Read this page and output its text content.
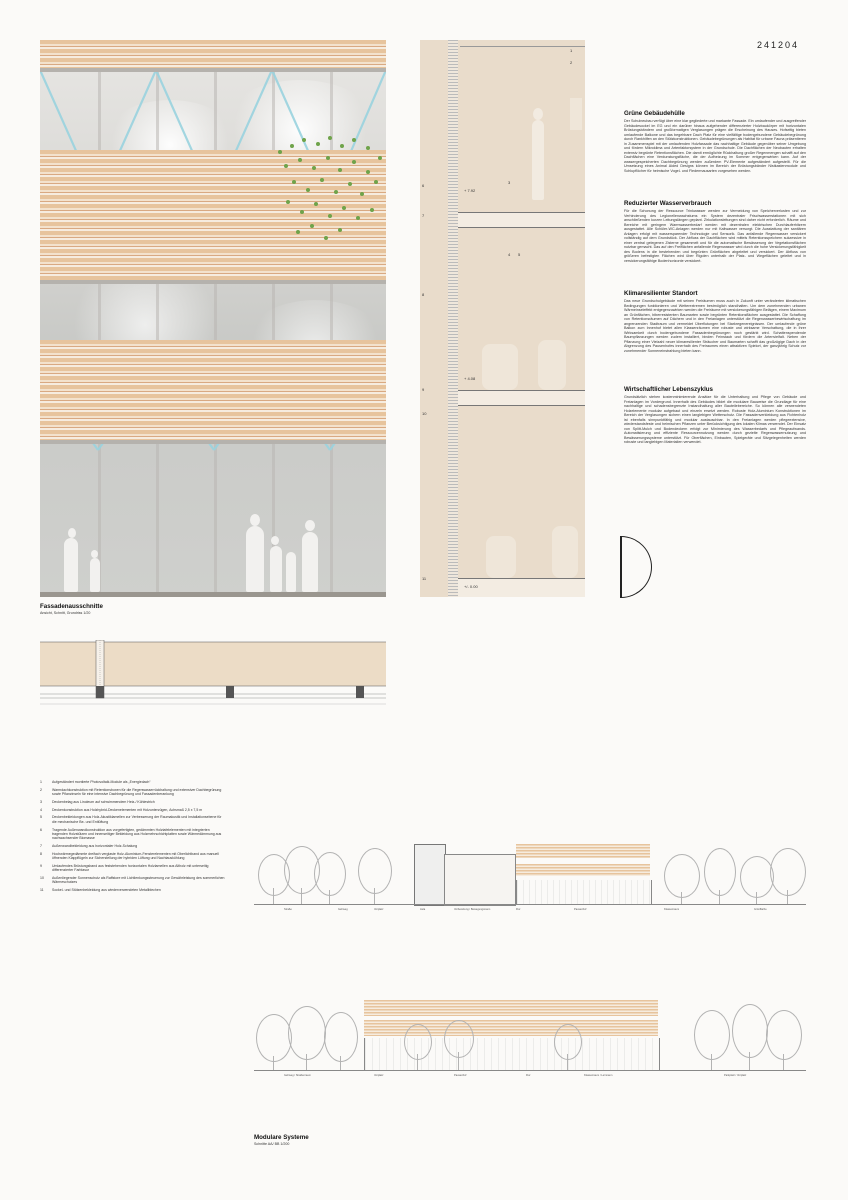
+ 7.92
+ 4.08
+/- 0.00
6
7
8
9
10
11
3
4 5
1
2
241204
Grüne Gebäudehülle
Der Schulneubau verfügt über eine klar gegliederte und markante Fassade. Ein umlaufender und ausgreifender Gebäudesockel im EG und ein darüber hinaus aufgehender differenzierter Holzbaukörper mit horizontalen Brüstungsbändern und großformatigen Verglasungen prägen die Erscheinung des Hauses. Hofseitig bieten umlaufende Balkone und das begehbare Dach Platz für eine vielfältige bodengebundene Gebäudebegrünung durch Rankhilfen an den Stützkonstruktionen. Gebäudebegrünungen als Habitat für urbane Fauna präsentieren in Zusammenspiel mit der umlaufenden Holzfassade das nachhaltige Gebäude gegenüber seiner Umgebung und fördern Mikroklima und Artenfaktorsystem in der Grundschule. Die Dachflächen der Neubauten erhalten extensiv begrünte Retentionsflächen. Die damit ermöglichte Rückhaltung großer Regenmengen schafft auf den Dachflächen eine Verdunstungsfläche, die der Aufheizung im Sommer entgegenwirken kann. Auf der wassergespeicherten Dachbegrünung werden außerdem PV-Elemente aufgeständert aufgestellt. Für die Umsetzung eines Animal Aided Designs können im Bereich der Brüstungsbänder Nistkastenmodule und Schlupflöcher für heimische Vogel- und Fledermausarten vorgesehen werden.
Reduzierter Wasserverbrauch
Für die Schonung der Ressource Trinkwasser werden zur Vermeidung von Speicherverlusten und zur Verhinderung des Legionellenwachstums ein System dezentraler Frischwasserstationen mit sich anschließenden kurzen Leitungslängen geplant. Zirkulationsleitungen sind daher nicht erforderlich. Räume und Bereiche mit geringem Warmwasserbedarf werden mit dezentralen elektrischen Durchlauferhitzern ausgestattet. Alle Schüler-WC-Anlagen werden nur mit Kaltwasser versorgt. Die Ausstattung der sanitären Anlagen erfolgt mit wassersparender Technologie und Sensorik. Das anfallende Regenwasser versickert vollständig auf dem Grundstück. Der Abfluss der Dachflächen wird mittels Retentionsspeichern sukzessive in einer zentral gelegenen Zisterne gesammelt und für die automatische Bewässerung der Vegetationsflächen nutzbar gemacht. Das auf den Freiflächen anfallende Regenwasser wird durch die hohe Versickerungsfähigkeit des Bodens in die bestehenden und begrünten Grünflächen abgeleitet und versickert. Der Abfluss von größeren befestigten Flächen wird über Rigolen unterhalb der Platz- und Wegeflächen geleitet und in versickerungsfähige Bodenhorizonte versickert.
Klimaresilienter Standort
Das neue Grundschulgebäude mit seinen Freiräumen muss auch in Zukunft unter veränderten klimatischen Bedingungen funktionieren und Wetterextremen bestmöglich standhalten. Um dem zunehmenden urbanen Wärmeinseleffekt entgegenzuwirken werden die Freiräume mit versickerungsfähigen Belägen, einem Maximum an Grünflächen, biberresistenten Baumarten sowie begrünten Retentionsflächen ausgestattet. Die Schaffung von Retentionsräumen auf Dächern und in den Freianlagen unterstützt die Regenwasserbewirtschaftung im angrenzenden Stadtraum und vermeidet Überflutungen bei Starkregenereignissen. Der umlaufende grüne Balkon zum Innenhof bietet allen Klassenräumen eine robuste und wirksame Verschattung, die in ihrer Wirksamkeit durch bodengebundene Fassadenbegrünungen noch gestärkt wird. Schattenspendende Baumpflanzungen werden zudem installiert, binden Feinstaub und fördern die Artenvielfalt. Neben der Pflanzung einer Vielzahl neuer klimaresilienter Sträucher und Baumarten schafft das großzügige Dach in der Abgrenzung des Pausenhofes innerhalb des Freiraumes einen attraktiven Spielort, der ganzjährig Schutz vor zunehmender Sonneneinstrahlung bieten kann.
Wirtschaftlicher Lebenszyklus
Grundsätzlich stehen kostenminimierende Ansätze für die Unterhaltung und Pflege von Gebäude und Freianlagen im Vordergrund. Innerhalb des Gebäudes bildet die modulare Bauweise die Grundlage für eine nachhaltige und schadensbegrenzte Instandhaltung aller Bauteilebereiche. So können alle verwendeten Holzelemente modular aufgebaut und einzeln ersetzt werden. Robuste Holz-Aluminium Konstruktionen im Bereich der Verglasungen sichern einen langlebigen Wetterschutz. Die Fassadenverkleidung aus Fichtenholz ist ebenfalls sinnpunktfähig und modular austauschbar. In den Freianlagen werden pflegeextensive, wiederstandsfeste und heimischen Pflanzen unter Berücksichtigung des lokalen Klimas verwendet. Der Einsatz von Splitt-Mulch und Bodendeckern erfolgt zur Minimierung des Wasserbedarfs und Pflegeaufwands. Automatisierung und effiziente Ressourcennutzung werden durch gezielte Regenwassernutzung und Bewässerungssysteme unterstützt. Für Oberflächen, Einbauten, Spielgeräte und Sitzgelegenheiten werden robuste und langlebigen Materialien verwendet.
Fassadenausschnitte
Ansicht, Schnitt, Grundriss 1/20
1	Aufgeständert montierte Photovoltaik-Module als „Energiedach“
2	Warmdachkonstruktion mit Retentionsboxen für die Regenwasserrückhaltung und extensiver Dachbegrünung sowie Pflanzinseln für eine intensive Dachbegrünung und Fassadenberankung
3	Deckenbelag aus Linoleum auf schwimmendem Heiz-/ Kühlestrich
4	Deckenkonstruktion aus Holzhybrid-Deckenelementen mit Holzunterzügen, Achsmaß 2,5 x 7,5 m
5	Deckenbekleidungen aus Holz-Akustiklamellen zur Verbesserung der Raumakustik und Installationsebene für die mechanische Be- und Entlüftung
6	Tragende Außenwandkonstruktion aus vorgefertigten, gedämmten Holztafelelementen mit integrierten tragenden Holzstützen und innenseitiger Bekleidung aus Holzmehrschichtplatten sowie Wärmedämmung aus nachwachsender Biomasse
7	Außenwandbekleidung aus horizontaler Holz-Schalung
8	Hochwärmegedämmte dreifach verglaste Holz-Aluminium-Fensterelementen mit Oberlichtband aus manuell öffnenden Klappflügeln zur Sicherstellung der hybriden Lüftung und Nachtauskühlung
9	Umlaufendes Brüstungsband aus feststehenden horizontalen Holzlamellen aus Altholz mit unterseitig differenzierter Farblasur
10	Außenliegender Sonnenschutz als Raffstore mit Lichtlenkungssteuerung zur Gewährleistung des sommerlichen Wärmeschutzes
11	Sockel- und Stützenbekleidung aus wiederverwendeten Metallblechen
Straße	Gehweg	Vorplatz	Aula	Vorbereitung / Bewegungsraum	Flur	Pausenhof	Klassenraum	Grünfläche
Gehweg / Straßenraum	Vorplatz	Pausenhof	Flur	Klassenraum / Lernraum	Parkplatz / Vorplatz
Modulare Systeme
Schnitte AA/ BB 1/200
